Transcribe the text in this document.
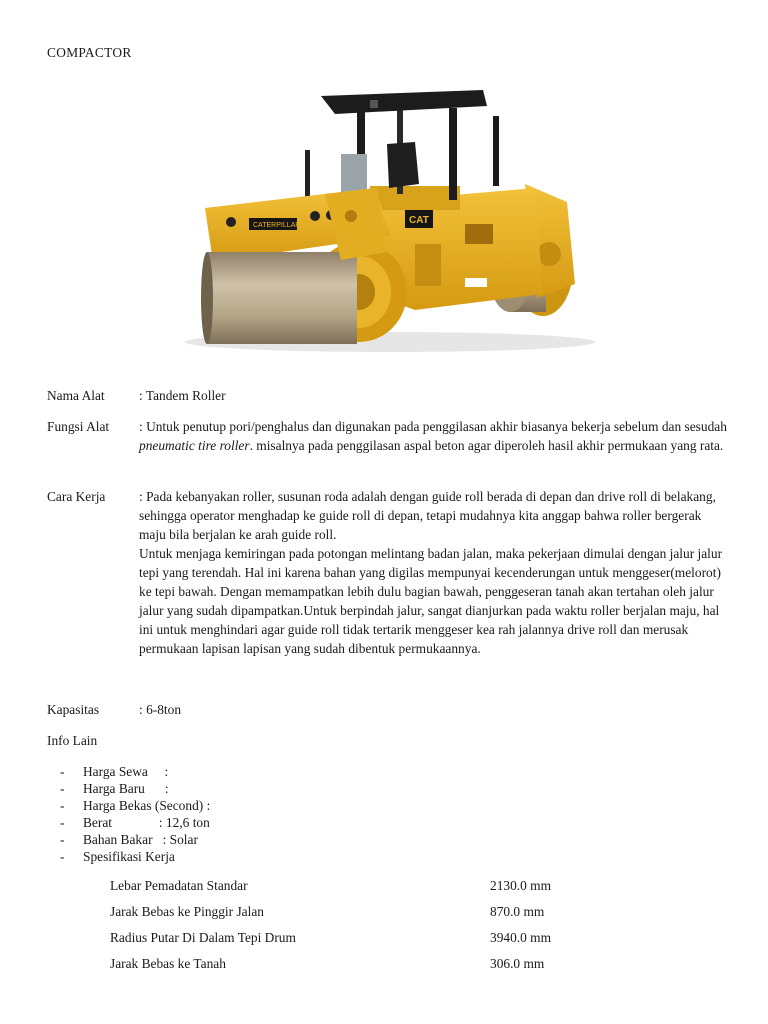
COMPACTOR
CAT
CATERPILLAR
Nama Alat	: Tandem Roller
Fungsi Alat	: Untuk penutup pori/penghalus dan digunakan pada penggilasan akhir biasanya bekerja sebelum dan sesudah pneumatic tire roller. misalnya pada penggilasan aspal beton agar diperoleh hasil akhir permukaan yang rata.
Cara Kerja	: Pada kebanyakan roller, susunan roda adalah dengan guide roll berada di depan dan drive roll di belakang, sehingga operator menghadap ke guide roll di depan, tetapi mudahnya kita anggap bahwa roller bergerak maju bila berjalan ke arah guide roll.

Untuk menjaga kemiringan pada potongan melintang badan jalan, maka pekerjaan dimulai dengan jalur jalur tepi yang terendah. Hal ini karena bahan yang digilas mempunyai kecenderungan untuk menggeser(melorot) ke tepi bawah. Dengan memampatkan lebih dulu bagian bawah, penggeseran tanah akan tertahan oleh jalur jalur yang sudah dipampatkan.Untuk berpindah jalur, sangat dianjurkan pada waktu roller berjalan maju, hal ini untuk menghindari agar guide roll tidak tertarik menggeser kea rah jalannya drive roll dan merusak permukaan lapisan lapisan yang sudah dibentuk permukaannya.

Kapasitas	: 6-8ton
Info Lain
- Harga Sewa     :
- Harga Baru      :
- Harga Bekas (Second) :
- Berat              : 12,6 ton
- Bahan Bakar   : Solar
- Spesifikasi Kerja
Lebar Pemadatan Standar	2130.0 mm
Jarak Bebas ke Pinggir Jalan	870.0 mm
Radius Putar Di Dalam Tepi Drum	3940.0 mm
Jarak Bebas ke Tanah	306.0 mm
